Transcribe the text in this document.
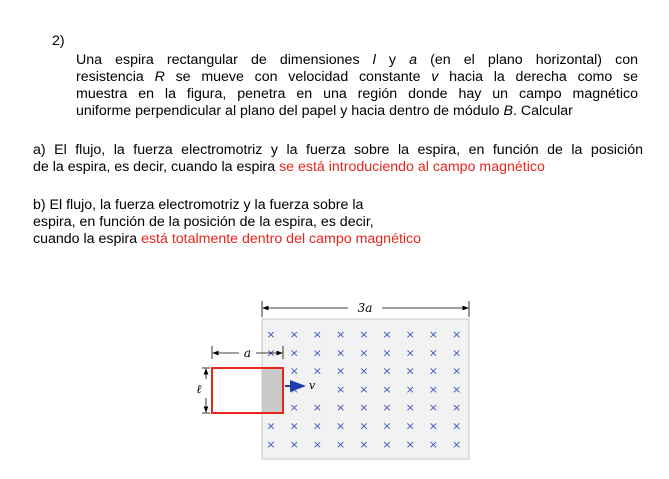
2)
Una espira rectangular de dimensiones l y a (en el plano horizontal) con
resistencia R se mueve con velocidad constante v hacia la derecha como se
muestra en la figura, penetra en una región donde hay un campo magnético
uniforme perpendicular al plano del papel y hacia dentro de módulo B. Calcular
a) El flujo, la fuerza electromotriz y la fuerza sobre la espira, en función de la posición
de la espira, es decir, cuando la espira se está introduciendo al campo magnético
b) El flujo, la fuerza electromotriz y la fuerza sobre la
espira, en función de la posición de la espira, es decir,
cuando la espira está totalmente dentro del campo magnético
× × × × × × × × ×
× × × × × × × × ×
× × × × × × × ×
×	× × × × × ×
× × × × × × × ×
× × × × × × × × ×
× × × × × × × × ×
3a
a
ℓ	v
